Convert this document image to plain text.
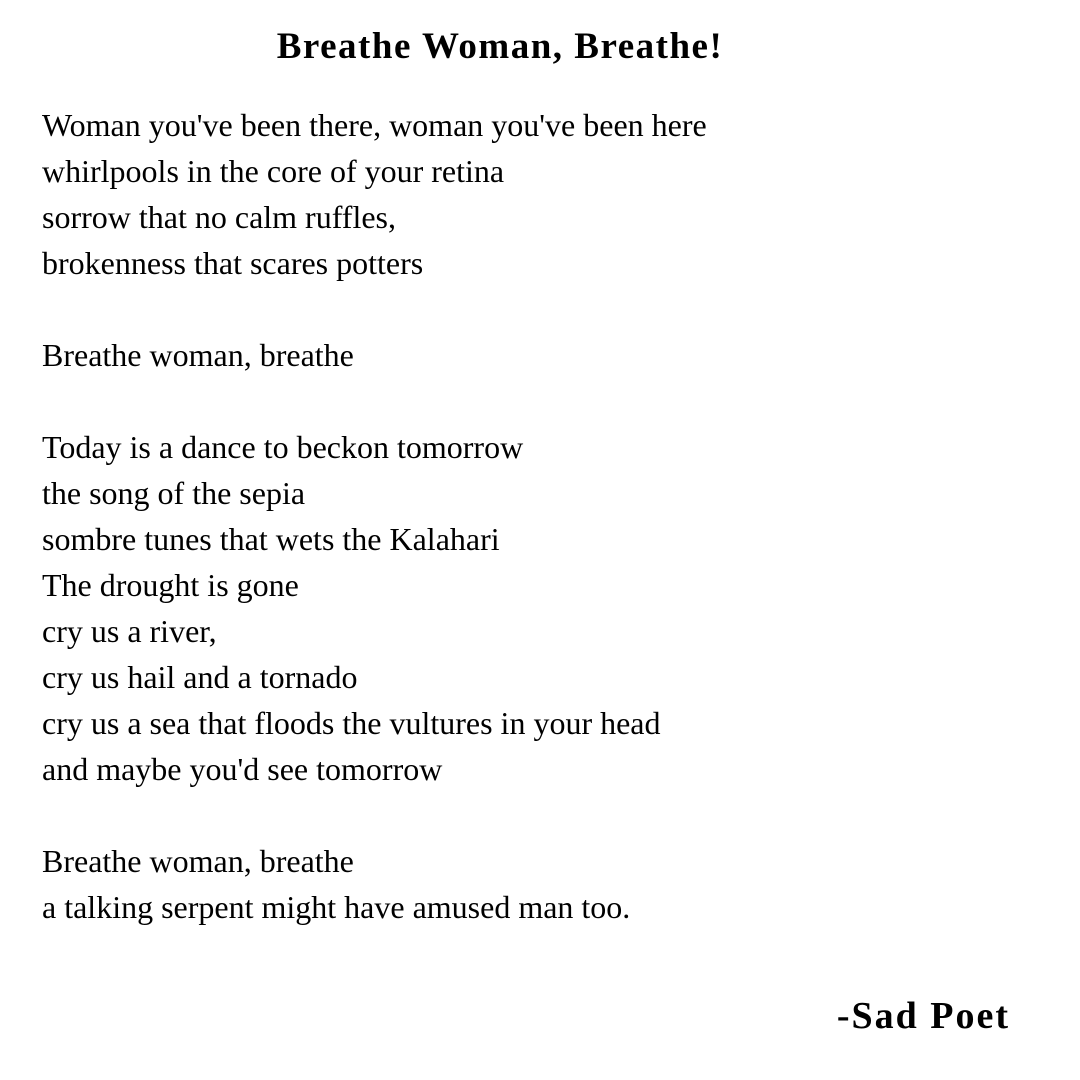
Breathe Woman, Breathe!
Woman you've been there, woman you've been here
whirlpools in the core of your retina
sorrow that no calm ruffles,
brokenness that scares potters
Breathe woman, breathe
Today is a dance to beckon tomorrow
the song of the sepia
sombre tunes that wets the Kalahari
The drought is gone
cry us a river,
cry us hail and a tornado
cry us a sea that floods the vultures in your head
and maybe you'd see tomorrow
Breathe woman, breathe
a talking serpent might have amused man too.
-Sad Poet
